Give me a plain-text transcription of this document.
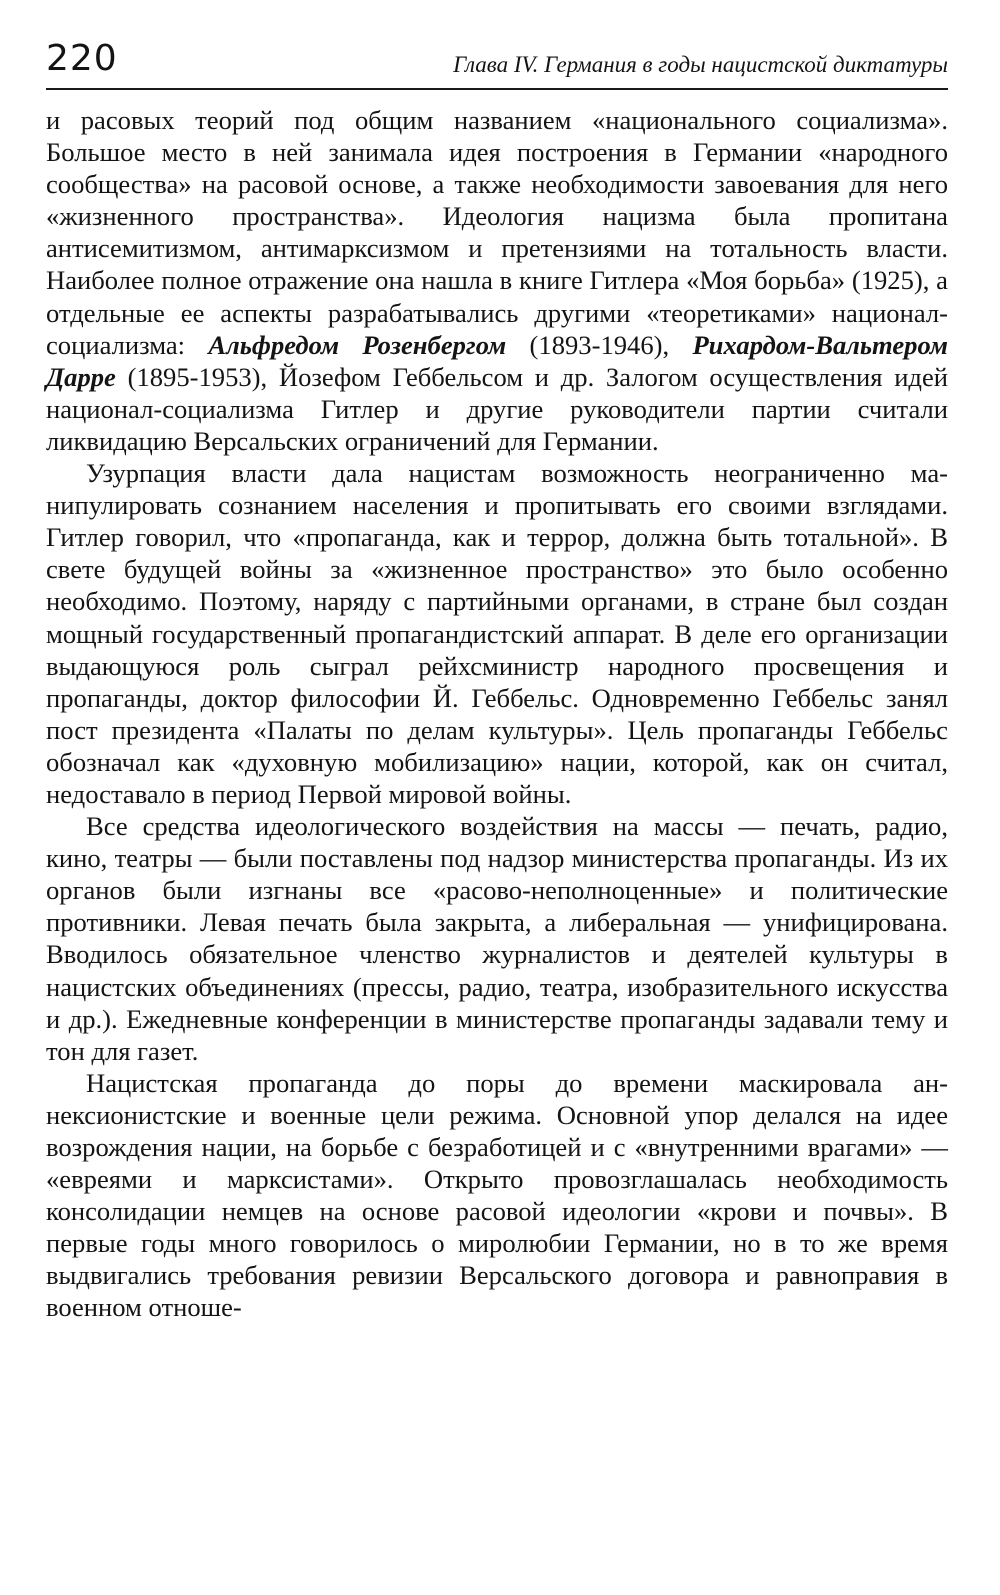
220	Глава IV. Германия в годы нацистской диктатуры

и расовых теорий под общим названием «национального социализма». Большое место в ней занимала идея построения в Германии «народного сообщества» на расовой основе, а также необходимости завоевания для него «жизненного пространства». Идеология нацизма была пропитана антисемитизмом, антимарксизмом и претензиями на тотальность власти. Наиболее полное отражение она нашла в книге Гитлера «Моя борьба» (1925), а отдельные ее аспекты разрабатывались другими «теоретиками» национал-социализма: Альфредом Розенбергом (1893-1946), Рихардом-Вальтером Дарре (1895-1953), Йозефом Геббельсом и др. Залогом осуществления идей национал-социализма Гитлер и другие руководители партии считали ликвидацию Версальских ограничений для Германии.

Узурпация власти дала нацистам возможность неограниченно манипулировать сознанием населения и пропитывать его своими взглядами. Гитлер говорил, что «пропаганда, как и террор, должна быть тотальной». В свете будущей войны за «жизненное пространство» это было особенно необходимо. Поэтому, наряду с партийными органами, в стране был создан мощный государственный пропагандистский аппарат. В деле его организации выдающуюся роль сыграл рейхсминистр народного просвещения и пропаганды, доктор философии Й. Геббельс. Одновременно Геббельс занял пост президента «Палаты по делам культуры». Цель пропаганды Геббельс обозначал как «духовную мобилизацию» нации, которой, как он считал, недоставало в период Первой мировой войны.

Все средства идеологического воздействия на массы — печать, радио, кино, театры — были поставлены под надзор министерства пропаганды. Из их органов были изгнаны все «расово-неполноценные» и политические противники. Левая печать была закрыта, а либеральная — унифицирована. Вводилось обязательное членство журналистов и деятелей культуры в нацистских объединениях (прессы, радио, театра, изобразительного искусства и др.). Ежедневные конференции в министерстве пропаганды задавали тему и тон для газет.

Нацистская пропаганда до поры до времени маскировала аннексионистские и военные цели режима. Основной упор делался на идее возрождения нации, на борьбе с безработицей и с «внутренними врагами» — «евреями и марксистами». Открыто провозглашалась необходимость консолидации немцев на основе расовой идеологии «крови и почвы». В первые годы много говорилось о миролюбии Германии, но в то же время выдвигались требования ревизии Версальского договора и равноправия в военном отноше-
